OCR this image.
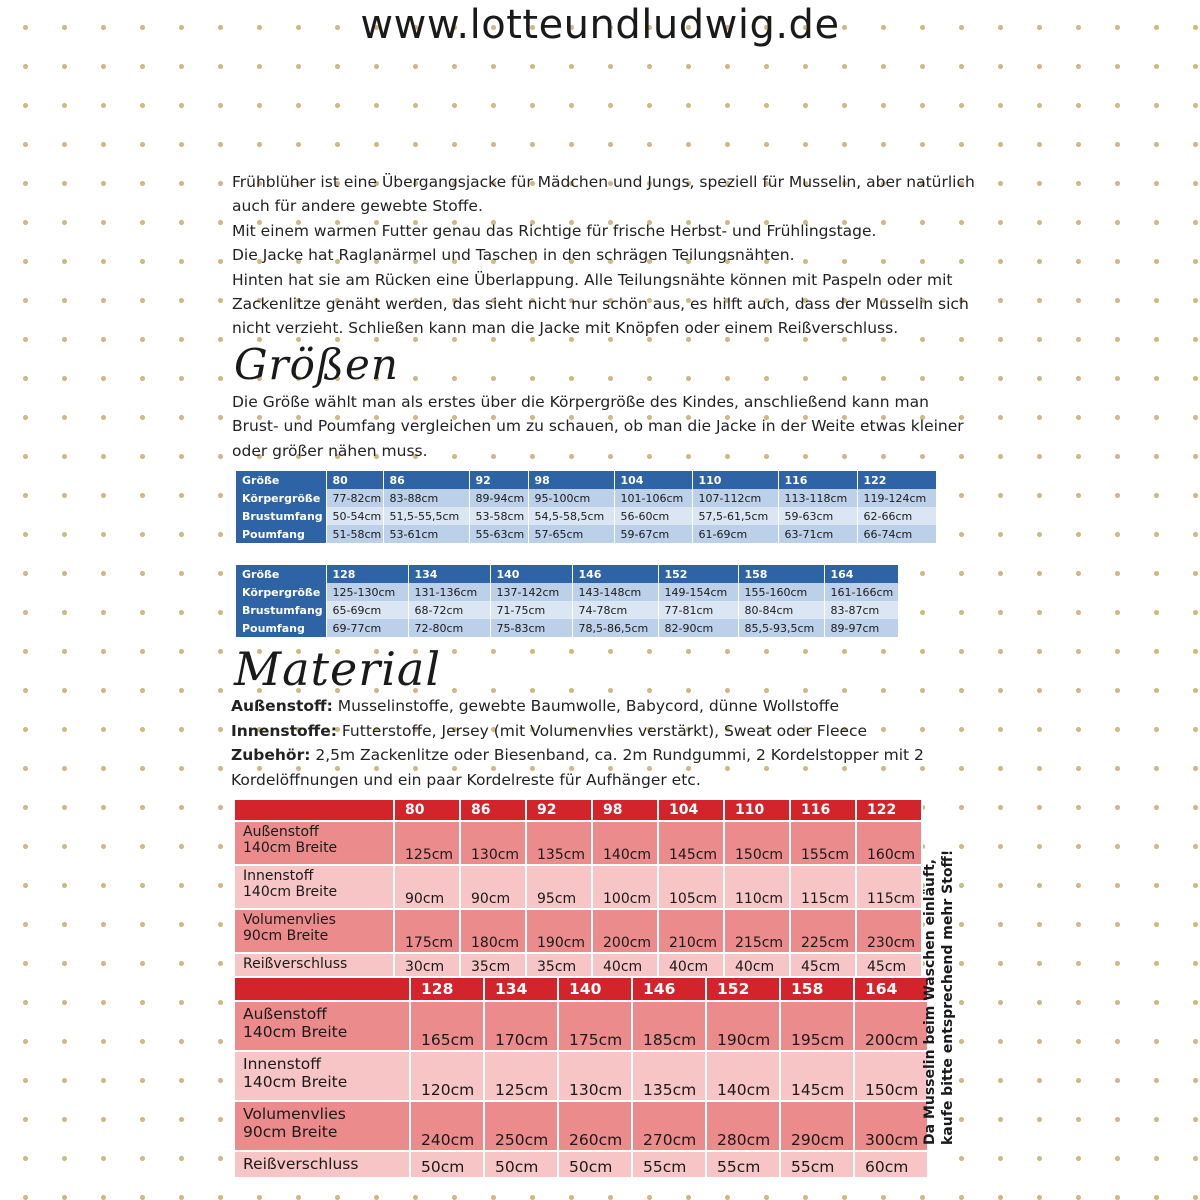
www.lotteundludwig.de

Frühblüher ist eine Übergangsjacke für Mädchen und Jungs, speziell für Musselin, aber natürlich

auch für andere gewebte Stoffe.

Mit einem warmen Futter genau das Richtige für frische Herbst- und Frühlingstage.

Die Jacke hat Raglanärmel und Taschen in den schrägen Teilungsnähten.

Hinten hat sie am Rücken eine Überlappung. Alle Teilungsnähte können mit Paspeln oder mit

Zackenlitze genäht werden, das sieht nicht nur schön aus, es hilft auch, dass der Musselin sich

nicht verzieht. Schließen kann man die Jacke mit Knöpfen oder einem Reißverschluss.

Größen

Die Größe wählt man als erstes über die Körpergröße des Kindes, anschließend kann man

Brust- und Poumfang vergleichen um zu schauen, ob man die Jacke in der Weite etwas kleiner

oder größer nähen muss.

Größe	80	86	92	98	104	110	116	122
Körpergröße	77-82cm	83-88cm	89-94cm	95-100cm	101-106cm	107-112cm	113-118cm	119-124cm
Brustumfang	50-54cm	51,5-55,5cm	53-58cm	54,5-58,5cm	56-60cm	57,5-61,5cm	59-63cm	62-66cm
Poumfang	51-58cm	53-61cm	55-63cm	57-65cm	59-67cm	61-69cm	63-71cm	66-74cm
Größe	128	134	140	146	152	158	164
Körpergröße	125-130cm	131-136cm	137-142cm	143-148cm	149-154cm	155-160cm	161-166cm
Brustumfang	65-69cm	68-72cm	71-75cm	74-78cm	77-81cm	80-84cm	83-87cm
Poumfang	69-77cm	72-80cm	75-83cm	78,5-86,5cm	82-90cm	85,5-93,5cm	89-97cm
Material

Außenstoff: Musselinstoffe, gewebte Baumwolle, Babycord, dünne Wollstoffe

Innenstoffe: Futterstoffe, Jersey (mit Volumenvlies verstärkt), Sweat oder Fleece

Zubehör: 2,5m Zackenlitze oder Biesenband, ca. 2m Rundgummi, 2 Kordelstopper mit 2

Kordelöffnungen und ein paar Kordelreste für Aufhänger etc.

	80	86	92	98	104	110	116	122

Außenstoff
140cm Breite	125cm	130cm	135cm	140cm	145cm	150cm	155cm	160cm

Innenstoff
140cm Breite	90cm	90cm	95cm	100cm	105cm	110cm	115cm	115cm

Volumenvlies
90cm Breite	175cm	180cm	190cm	200cm	210cm	215cm	225cm	230cm

Reißverschluss	30cm	35cm	35cm	40cm	40cm	40cm	45cm	45cm
	128	134	140	146	152	158	164

Außenstoff
140cm Breite	165cm	170cm	175cm	185cm	190cm	195cm	200cm

Innenstoff
140cm Breite	120cm	125cm	130cm	135cm	140cm	145cm	150cm

Volumenvlies
90cm Breite	240cm	250cm	260cm	270cm	280cm	290cm	300cm

Reißverschluss	50cm	50cm	50cm	55cm	55cm	55cm	60cm
Da Musselin beim Waschen einläuft, kaufe bitte entsprechend mehr Stoff!
